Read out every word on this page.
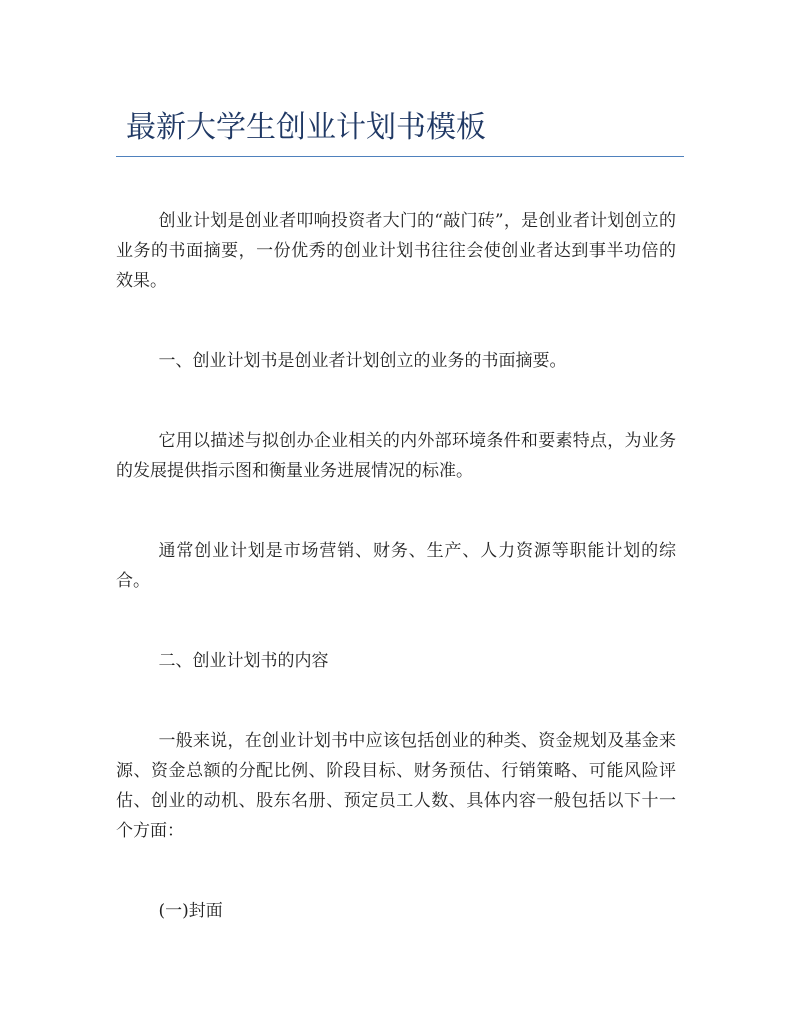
最新大学生创业计划书模板

创业计划是创业者叩响投资者大门的“敲门砖”，是创业者计划创立的业务的书面摘要，一份优秀的创业计划书往往会使创业者达到事半功倍的效果。

一、创业计划书是创业者计划创立的业务的书面摘要。

它用以描述与拟创办企业相关的内外部环境条件和要素特点，为业务的发展提供指示图和衡量业务进展情况的标准。

通常创业计划是市场营销、财务、生产、人力资源等职能计划的综合。

二、创业计划书的内容

一般来说，在创业计划书中应该包括创业的种类、资金规划及基金来源、资金总额的分配比例、阶段目标、财务预估、行销策略、可能风险评估、创业的动机、股东名册、预定员工人数、具体内容一般包括以下十一个方面：

(一)封面
